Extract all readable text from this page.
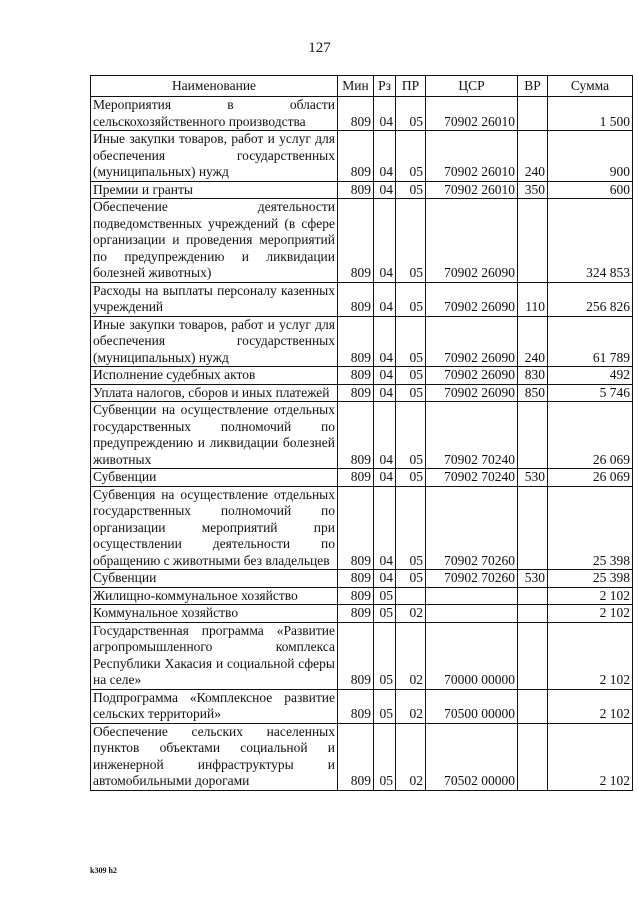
127
Наименование	Мин	Рз	ПР	ЦСР	ВР	Сумма
Мероприятия в области сельскохозяйственного производства	809	04	05	70902 26010		1 500
Иные закупки товаров, работ и услуг для обеспечения государственных (муниципальных) нужд	809	04	05	70902 26010	240	900
Премии и гранты	809	04	05	70902 26010	350	600
Обеспечение деятельности подведомственных учреждений (в сфере организации и проведения мероприятий по предупреждению и ликвидации болезней животных)	809	04	05	70902 26090		324 853
Расходы на выплаты персоналу казенных учреждений	809	04	05	70902 26090	110	256 826
Иные закупки товаров, работ и услуг для обеспечения государственных (муниципальных) нужд	809	04	05	70902 26090	240	61 789
Исполнение судебных актов	809	04	05	70902 26090	830	492
Уплата налогов, сборов и иных платежей	809	04	05	70902 26090	850	5 746
Субвенции на осуществление отдельных государственных полномочий по предупреждению и ликвидации болезней животных	809	04	05	70902 70240		26 069
Субвенции	809	04	05	70902 70240	530	26 069
Субвенция на осуществление отдельных государственных полномочий по организации мероприятий при осуществлении деятельности по обращению с животными без владельцев	809	04	05	70902 70260		25 398
Субвенции	809	04	05	70902 70260	530	25 398
Жилищно-коммунальное хозяйство	809	05				2 102
Коммунальное хозяйство	809	05	02			2 102
Государственная программа «Развитие агропромышленного комплекса Республики Хакасия и социальной сферы на селе»	809	05	02	70000 00000		2 102
Подпрограмма «Комплексное развитие сельских территорий»	809	05	02	70500 00000		2 102
Обеспечение сельских населенных пунктов объектами социальной и инженерной инфраструктуры и автомобильными дорогами	809	05	02	70502 00000		2 102
k309 h2
